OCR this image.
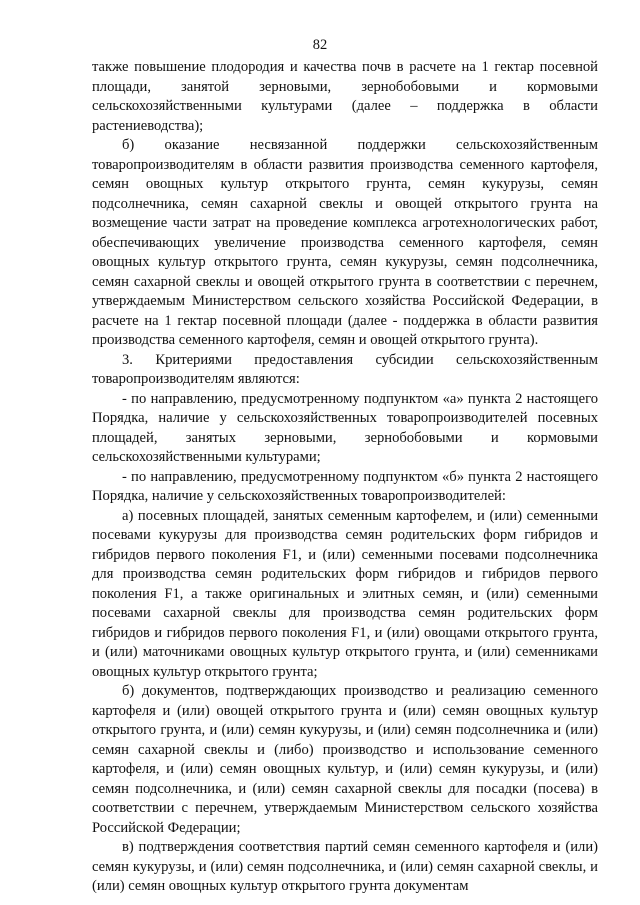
82

также повышение плодородия и качества почв в расчете на 1 гектар посевной площади, занятой зерновыми, зернобобовыми и кормовыми сельскохозяйственными культурами (далее – поддержка в области растениеводства);

б) оказание несвязанной поддержки сельскохозяйственным товаропроизводителям в области развития производства семенного картофеля, семян овощных культур открытого грунта, семян кукурузы, семян подсолнечника, семян сахарной свеклы и овощей открытого грунта на возмещение части затрат на проведение комплекса агротехнологических работ, обеспечивающих увеличение производства семенного картофеля, семян овощных культур открытого грунта, семян кукурузы, семян подсолнечника, семян сахарной свеклы и овощей открытого грунта в соответствии с перечнем, утверждаемым Министерством сельского хозяйства Российской Федерации, в расчете на 1 гектар посевной площади (далее - поддержка в области развития производства семенного картофеля, семян и овощей открытого грунта).

3. Критериями предоставления субсидии сельскохозяйственным товаропроизводителям являются:

- по направлению, предусмотренному подпунктом «а» пункта 2 настоящего Порядка, наличие у сельскохозяйственных товаропроизводителей посевных площадей, занятых зерновыми, зернобобовыми и кормовыми сельскохозяйственными культурами;

- по направлению, предусмотренному подпунктом «б» пункта 2 настоящего Порядка, наличие у сельскохозяйственных товаропроизводителей:

а) посевных площадей, занятых семенным картофелем, и (или) семенными посевами кукурузы для производства семян родительских форм гибридов и гибридов первого поколения F1, и (или) семенными посевами подсолнечника для производства семян родительских форм гибридов и гибридов первого поколения F1, а также оригинальных и элитных семян, и (или) семенными посевами сахарной свеклы для производства семян родительских форм гибридов и гибридов первого поколения F1, и (или) овощами открытого грунта, и (или) маточниками овощных культур открытого грунта, и (или) семенниками овощных культур открытого грунта;

б) документов, подтверждающих производство и реализацию семенного картофеля и (или) овощей открытого грунта и (или) семян овощных культур открытого грунта, и (или) семян кукурузы, и (или) семян подсолнечника и (или) семян сахарной свеклы и (либо) производство и использование семенного картофеля, и (или) семян овощных культур, и (или) семян кукурузы, и (или) семян подсолнечника, и (или) семян сахарной свеклы для посадки (посева) в соответствии с перечнем, утверждаемым Министерством сельского хозяйства Российской Федерации;

в) подтверждения соответствия партий семян семенного картофеля и (или) семян кукурузы, и (или) семян подсолнечника, и (или) семян сахарной свеклы, и (или) семян овощных культур открытого грунта документам
